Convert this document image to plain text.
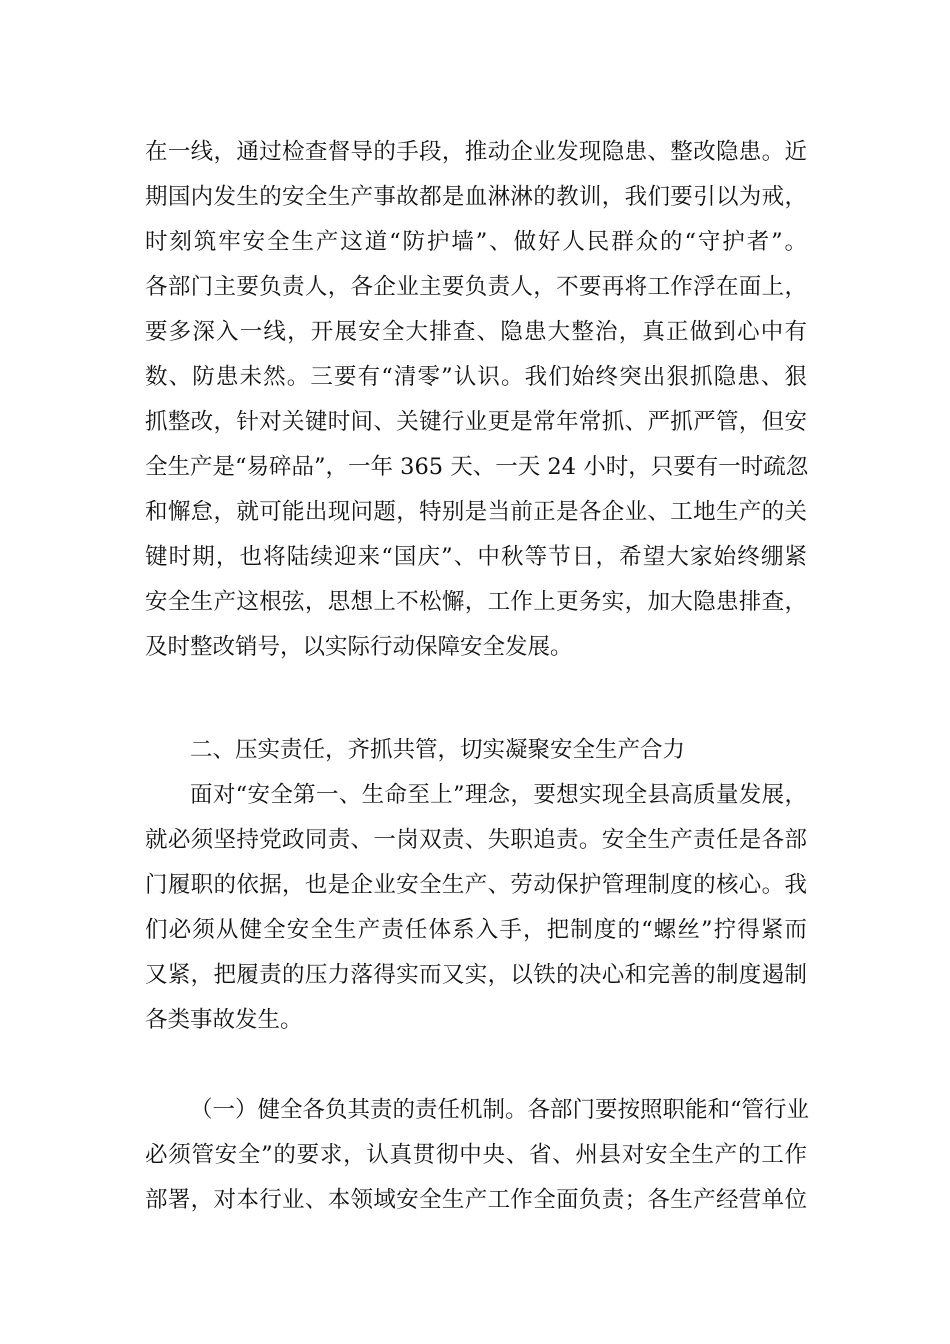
在一线，通过检查督导的手段，推动企业发现隐患、整改隐患。近
期国内发生的安全生产事故都是血淋淋的教训，我们要引以为戒，
时刻筑牢安全生产这道“防护墙”、做好人民群众的“守护者”。
各部门主要负责人，各企业主要负责人，不要再将工作浮在面上，
要多深入一线，开展安全大排查、隐患大整治，真正做到心中有
数、防患未然。三要有“清零”认识。我们始终突出狠抓隐患、狠
抓整改，针对关键时间、关键行业更是常年常抓、严抓严管，但安
全生产是“易碎品”，一年 365 天、一天 24 小时，只要有一时疏忽
和懈怠，就可能出现问题，特别是当前正是各企业、工地生产的关
键时期，也将陆续迎来“国庆”、中秋等节日，希望大家始终绷紧
安全生产这根弦，思想上不松懈，工作上更务实，加大隐患排查，
及时整改销号，以实际行动保障安全发展。
二、压实责任，齐抓共管，切实凝聚安全生产合力
面对“安全第一、生命至上”理念，要想实现全县高质量发展，
就必须坚持党政同责、一岗双责、失职追责。安全生产责任是各部
门履职的依据，也是企业安全生产、劳动保护管理制度的核心。我
们必须从健全安全生产责任体系入手，把制度的“螺丝”拧得紧而
又紧，把履责的压力落得实而又实，以铁的决心和完善的制度遏制
各类事故发生。
（一）健全各负其责的责任机制。各部门要按照职能和“管行业
必须管安全”的要求，认真贯彻中央、省、州县对安全生产的工作
部署，对本行业、本领域安全生产工作全面负责；各生产经营单位
